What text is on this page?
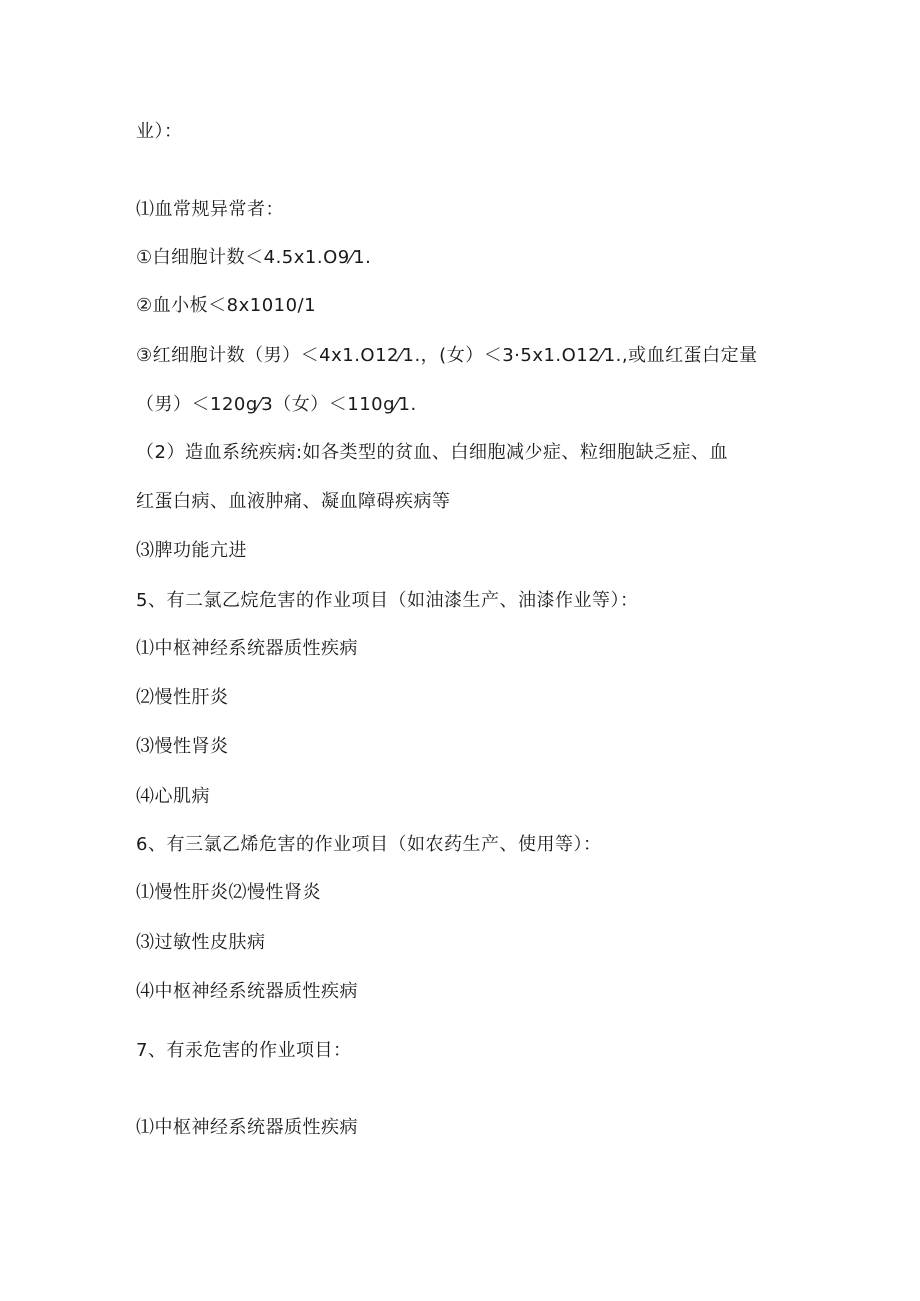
业）：
⑴血常规异常者：
①白细胞计数＜4.5x1.O9⁄1.
②血小板＜8x1010/1
③红细胞计数（男）＜4x1.O12⁄1.，(女）＜3·5x1.O12⁄1.,或血红蛋白定量
（男）＜120g⁄3（女）＜110g⁄1.
（2）造血系统疾病:如各类型的贫血、白细胞减少症、粒细胞缺乏症、血
红蛋白病、血液肿痛、凝血障碍疾病等
⑶脾功能亢进
5、有二氯乙烷危害的作业项目（如油漆生产、油漆作业等）：
⑴中枢神经系统器质性疾病
⑵慢性肝炎
⑶慢性肾炎
⑷心肌病
6、有三氯乙烯危害的作业项目（如农药生产、使用等）：
⑴慢性肝炎⑵慢性肾炎
⑶过敏性皮肤病
⑷中枢神经系统器质性疾病
7、有汞危害的作业项目：
⑴中枢神经系统器质性疾病
